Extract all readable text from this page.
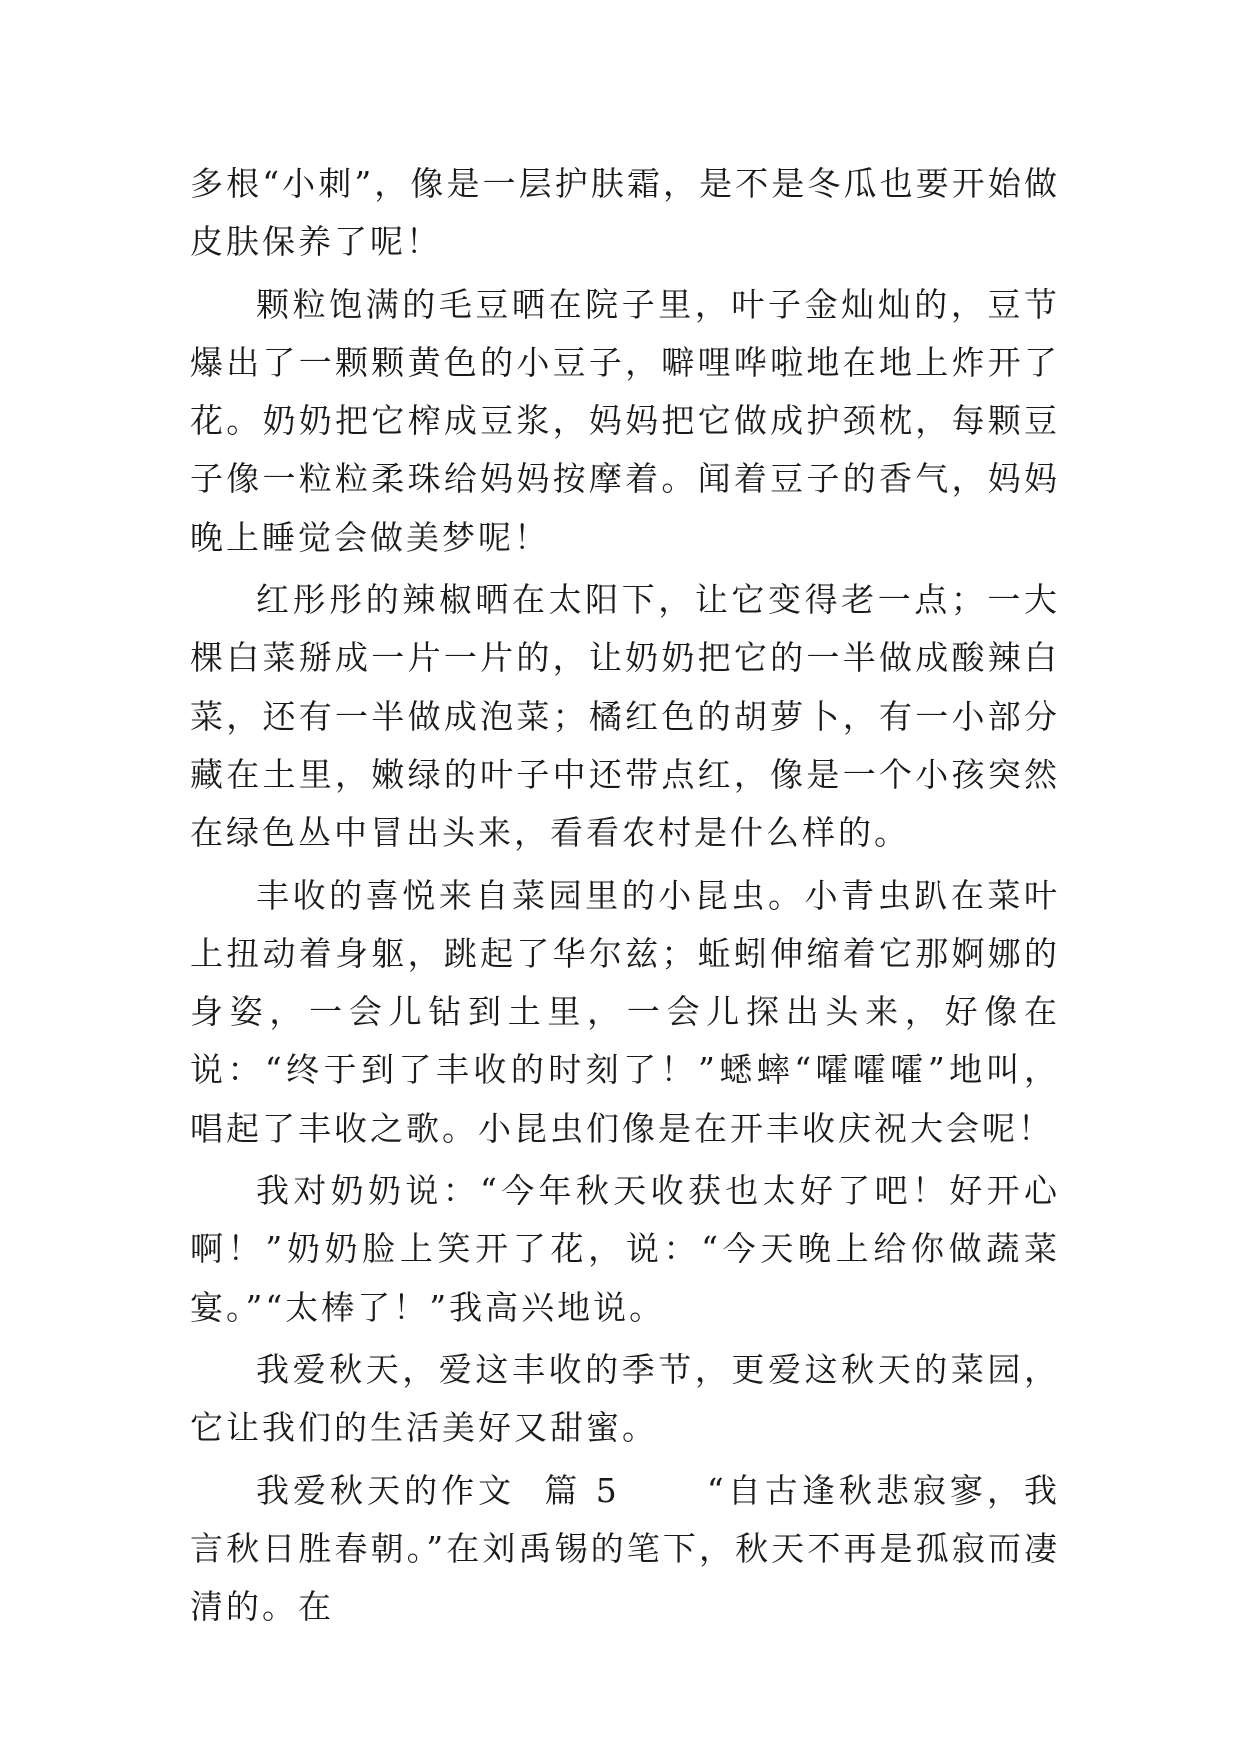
多根“小刺”，像是一层护肤霜，是不是冬瓜也要开始做皮肤保养了呢！

颗粒饱满的毛豆晒在院子里，叶子金灿灿的，豆节爆出了一颗颗黄色的小豆子，噼哩哗啦地在地上炸开了花。奶奶把它榨成豆浆，妈妈把它做成护颈枕，每颗豆子像一粒粒柔珠给妈妈按摩着。闻着豆子的香气，妈妈晚上睡觉会做美梦呢！

红彤彤的辣椒晒在太阳下，让它变得老一点；一大棵白菜掰成一片一片的，让奶奶把它的一半做成酸辣白菜，还有一半做成泡菜；橘红色的胡萝卜，有一小部分藏在土里，嫩绿的叶子中还带点红，像是一个小孩突然在绿色丛中冒出头来，看看农村是什么样的。

丰收的喜悦来自菜园里的小昆虫。小青虫趴在菜叶上扭动着身躯，跳起了华尔兹；蚯蚓伸缩着它那婀娜的身姿，一会儿钻到土里，一会儿探出头来，好像在说：“终于到了丰收的时刻了！”蟋蟀“嚯嚯嚯”地叫，唱起了丰收之歌。小昆虫们像是在开丰收庆祝大会呢！

我对奶奶说：“今年秋天收获也太好了吧！好开心啊！”奶奶脸上笑开了花，说：“今天晚上给你做蔬菜宴。”“太棒了！”我高兴地说。

我爱秋天，爱这丰收的季节，更爱这秋天的菜园，它让我们的生活美好又甜蜜。

我爱秋天的作文  篇 5      “自古逢秋悲寂寥，我言秋日胜春朝。”在刘禹锡的笔下，秋天不再是孤寂而凄清的。在
